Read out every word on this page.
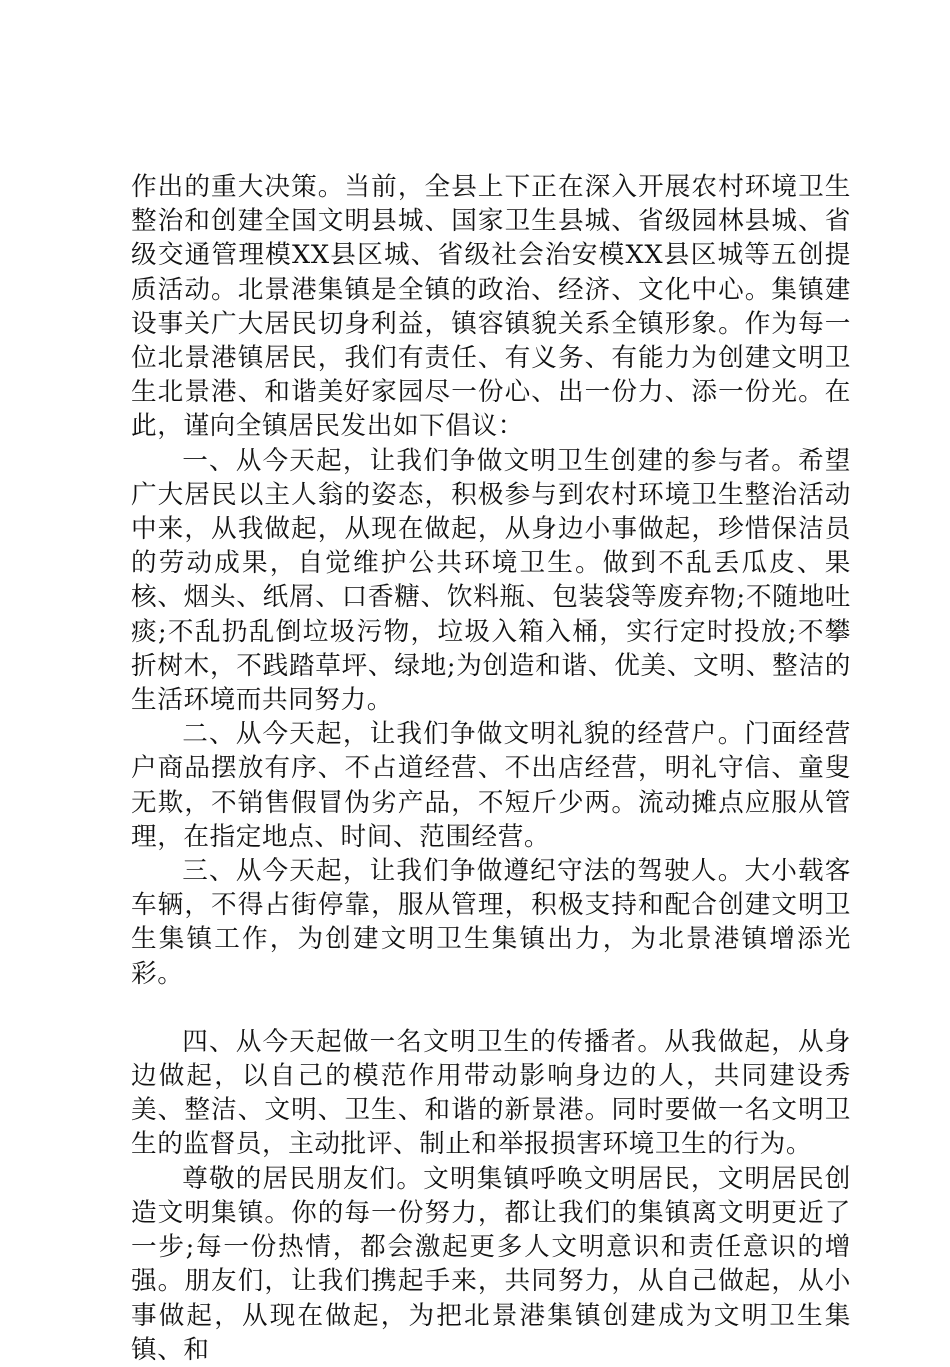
作出的重大决策。当前，全县上下正在深入开展农村环境卫生整治和创建全国文明县城、国家卫生县城、省级园林县城、省级交通管理模XX县区城、省级社会治安模XX县区城等五创提质活动。北景港集镇是全镇的政治、经济、文化中心。集镇建设事关广大居民切身利益，镇容镇貌关系全镇形象。作为每一位北景港镇居民，我们有责任、有义务、有能力为创建文明卫生北景港、和谐美好家园尽一份心、出一份力、添一份光。在此，谨向全镇居民发出如下倡议：

一、从今天起，让我们争做文明卫生创建的参与者。希望广大居民以主人翁的姿态，积极参与到农村环境卫生整治活动中来，从我做起，从现在做起，从身边小事做起，珍惜保洁员的劳动成果，自觉维护公共环境卫生。做到不乱丢瓜皮、果核、烟头、纸屑、口香糖、饮料瓶、包装袋等废弃物;不随地吐痰;不乱扔乱倒垃圾污物，垃圾入箱入桶，实行定时投放;不攀折树木，不践踏草坪、绿地;为创造和谐、优美、文明、整洁的生活环境而共同努力。

二、从今天起，让我们争做文明礼貌的经营户。门面经营户商品摆放有序、不占道经营、不出店经营，明礼守信、童叟无欺，不销售假冒伪劣产品，不短斤少两。流动摊点应服从管理，在指定地点、时间、范围经营。

三、从今天起，让我们争做遵纪守法的驾驶人。大小载客车辆，不得占街停靠，服从管理，积极支持和配合创建文明卫生集镇工作，为创建文明卫生集镇出力，为北景港镇增添光彩。

四、从今天起做一名文明卫生的传播者。从我做起，从身边做起，以自己的模范作用带动影响身边的人，共同建设秀美、整洁、文明、卫生、和谐的新景港。同时要做一名文明卫生的监督员，主动批评、制止和举报损害环境卫生的行为。

尊敬的居民朋友们。文明集镇呼唤文明居民，文明居民创造文明集镇。你的每一份努力，都让我们的集镇离文明更近了一步;每一份热情，都会激起更多人文明意识和责任意识的增强。朋友们，让我们携起手来，共同努力，从自己做起，从小事做起，从现在做起，为把北景港集镇创建成为文明卫生集镇、和
